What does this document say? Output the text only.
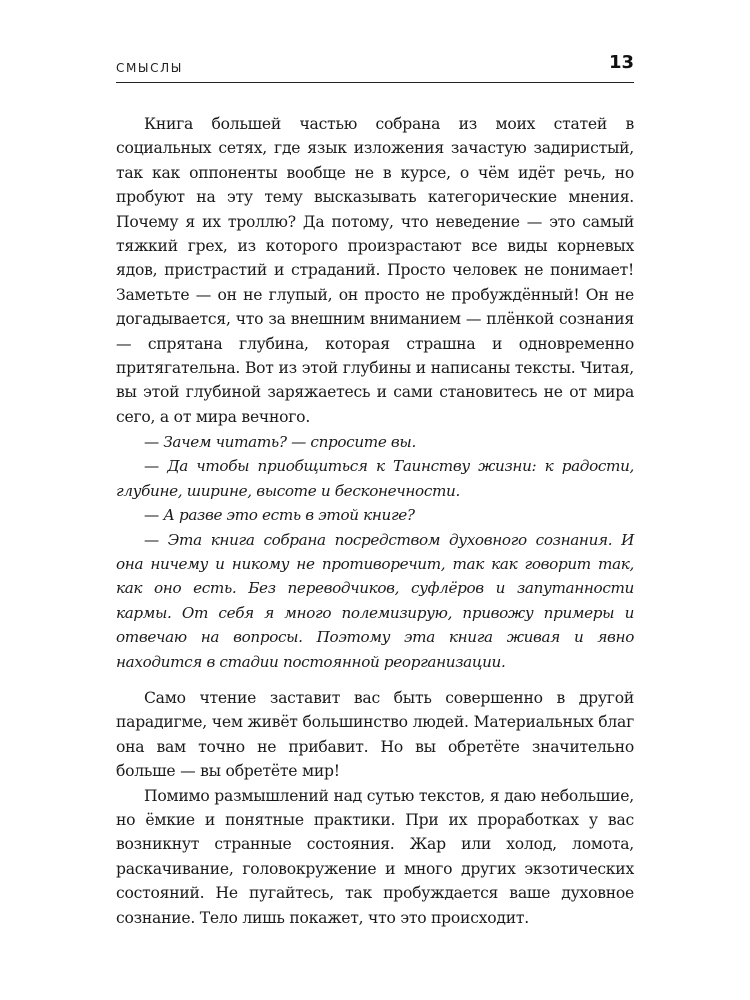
СМЫСЛЫ	13

Книга большей частью собрана из моих статей в социальных сетях, где язык изложения зачастую задиристый, так как оппоненты вообще не в курсе, о чём идёт речь, но пробуют на эту тему высказывать категорические мнения. Почему я их троллю? Да потому, что неведение — это самый тяжкий грех, из которого произрастают все виды корневых ядов, пристрастий и страданий. Просто человек не понимает! Заметьте — он не глупый, он просто не пробуждённый! Он не догадывается, что за внешним вниманием — плёнкой сознания — спрятана глубина, которая страшна и одновременно притягательна. Вот из этой глубины и написаны тексты. Читая, вы этой глубиной заряжаетесь и сами становитесь не от мира сего, а от мира вечного.

— Зачем читать? — спросите вы.

— Да чтобы приобщиться к Таинству жизни: к радости, глубине, ширине, высоте и бесконечности.

— А разве это есть в этой книге?

— Эта книга собрана посредством духовного сознания. И она ничему и никому не противоречит, так как говорит так, как оно есть. Без переводчиков, суфлёров и запутанности кармы. От себя я много полемизирую, привожу примеры и отвечаю на вопросы. Поэтому эта книга живая и явно находится в стадии постоянной реорганизации.

Само чтение заставит вас быть совершенно в другой парадигме, чем живёт большинство людей. Материальных благ она вам точно не прибавит. Но вы обретёте значительно больше — вы обретёте мир!

Помимо размышлений над сутью текстов, я даю небольшие, но ёмкие и понятные практики. При их проработках у вас возникнут странные состояния. Жар или холод, ломота, раскачивание, головокружение и много других экзотических состояний. Не пугайтесь, так пробуждается ваше духовное сознание. Тело лишь покажет, что это происходит.
